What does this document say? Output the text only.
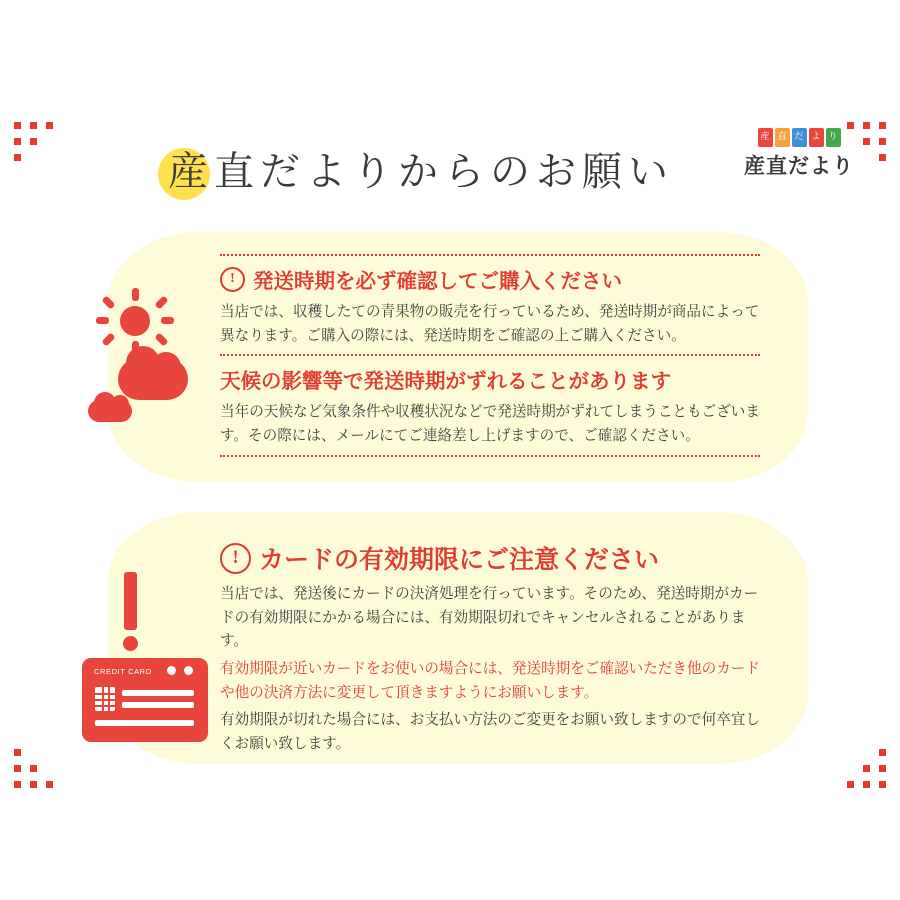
産直だよりからのお願い
産 直 だ よ り
産直だより
! 発送時期を必ず確認してご購入ください

当店では、収穫したての青果物の販売を行っているため、発送時期が商品によって異なります。ご購入の際には、発送時期をご確認の上ご購入ください。

天候の影響等で発送時期がずれることがあります

当年の天候など気象条件や収穫状況などで発送時期がずれてしまうこともございます。その際には、メールにてご連絡差し上げますので、ご確認ください。

! カードの有効期限にご注意ください

当店では、発送後にカードの決済処理を行っています。そのため、発送時期がカードの有効期限にかかる場合には、有効期限切れでキャンセルされることがあります。

有効期限が近いカードをお使いの場合には、発送時期をご確認いただき他のカードや他の決済方法に変更して頂きますようにお願いします。

有効期限が切れた場合には、お支払い方法のご変更をお願い致しますので何卒宜しくお願い致します。

CREDIT CARD
